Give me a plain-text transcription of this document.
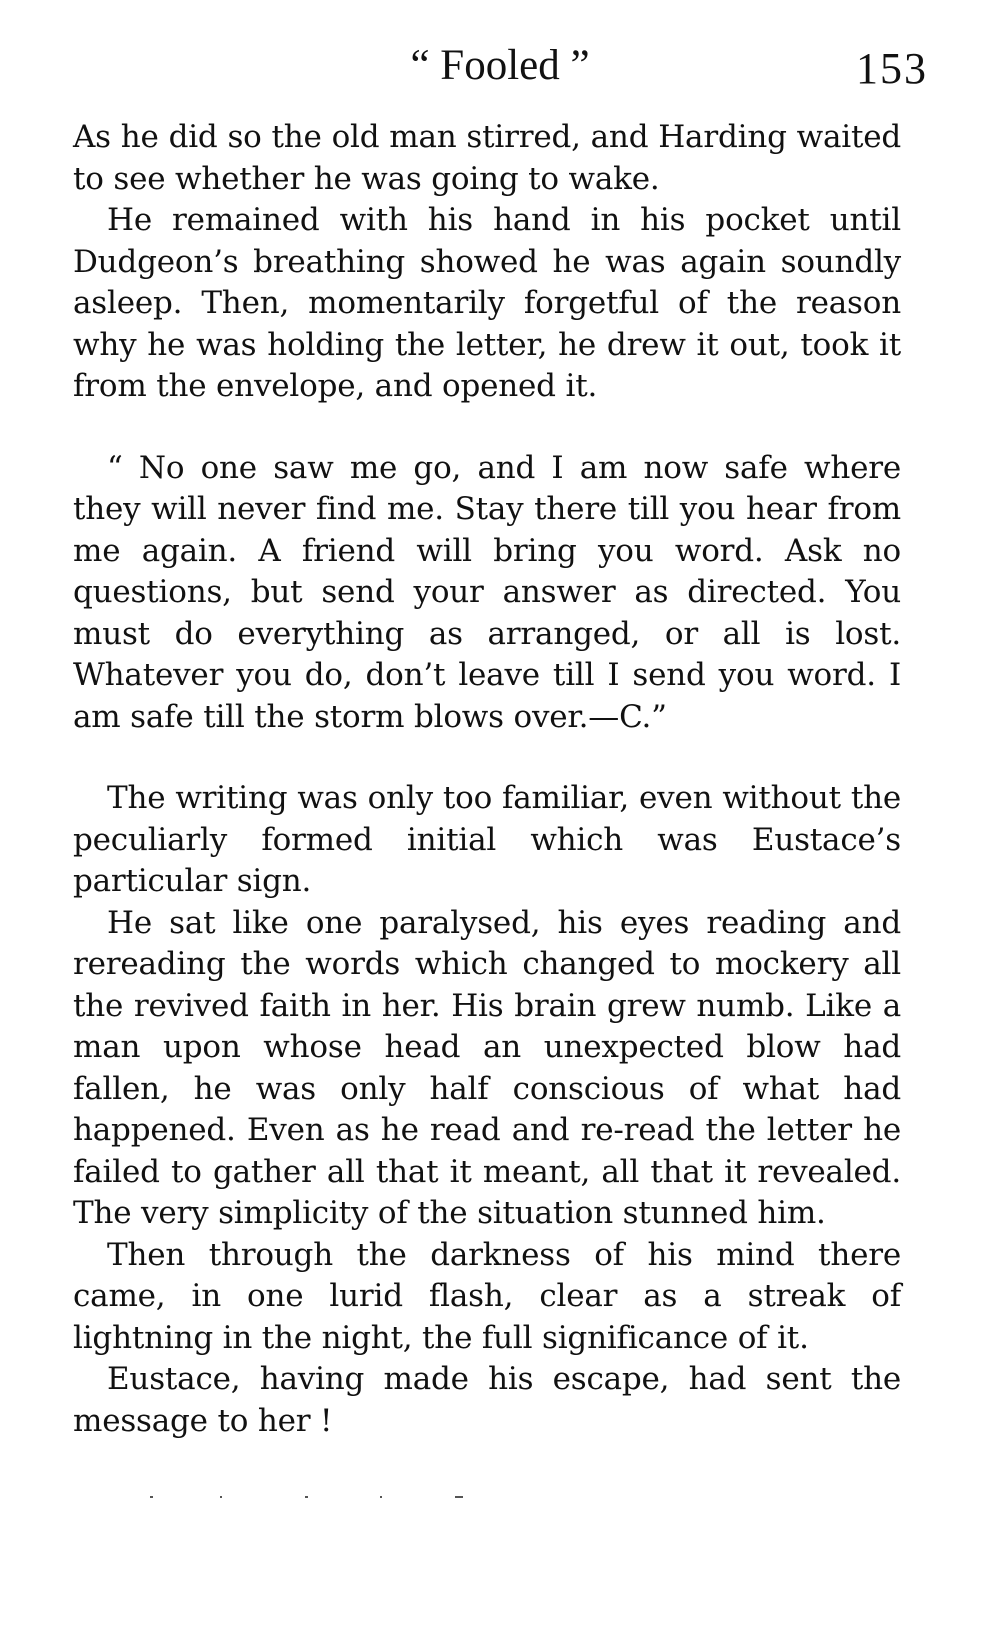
“ Fooled ”	153

As he did so the old man stirred, and Harding waited to see whether he was going to wake.

He remained with his hand in his pocket until Dudgeon’s breathing showed he was again soundly asleep. Then, momentarily forgetful of the reason why he was holding the letter, he drew it out, took it from the envelope, and opened it.

“ No one saw me go, and I am now safe where they will never find me. Stay there till you hear from me again. A friend will bring you word. Ask no questions, but send your answer as directed. You must do everything as arranged, or all is lost. Whatever you do, don’t leave till I send you word. I am safe till the storm blows over.—C.”

The writing was only too familiar, even without the peculiarly formed initial which was Eustace’s particular sign.

He sat like one paralysed, his eyes reading and rereading the words which changed to mockery all the revived faith in her. His brain grew numb. Like a man upon whose head an unexpected blow had fallen, he was only half conscious of what had happened. Even as he read and re-read the letter he failed to gather all that it meant, all that it revealed. The very simplicity of the situation stunned him.

Then through the darkness of his mind there came, in one lurid flash, clear as a streak of lightning in the night, the full significance of it.

Eustace, having made his escape, had sent the message to her !
